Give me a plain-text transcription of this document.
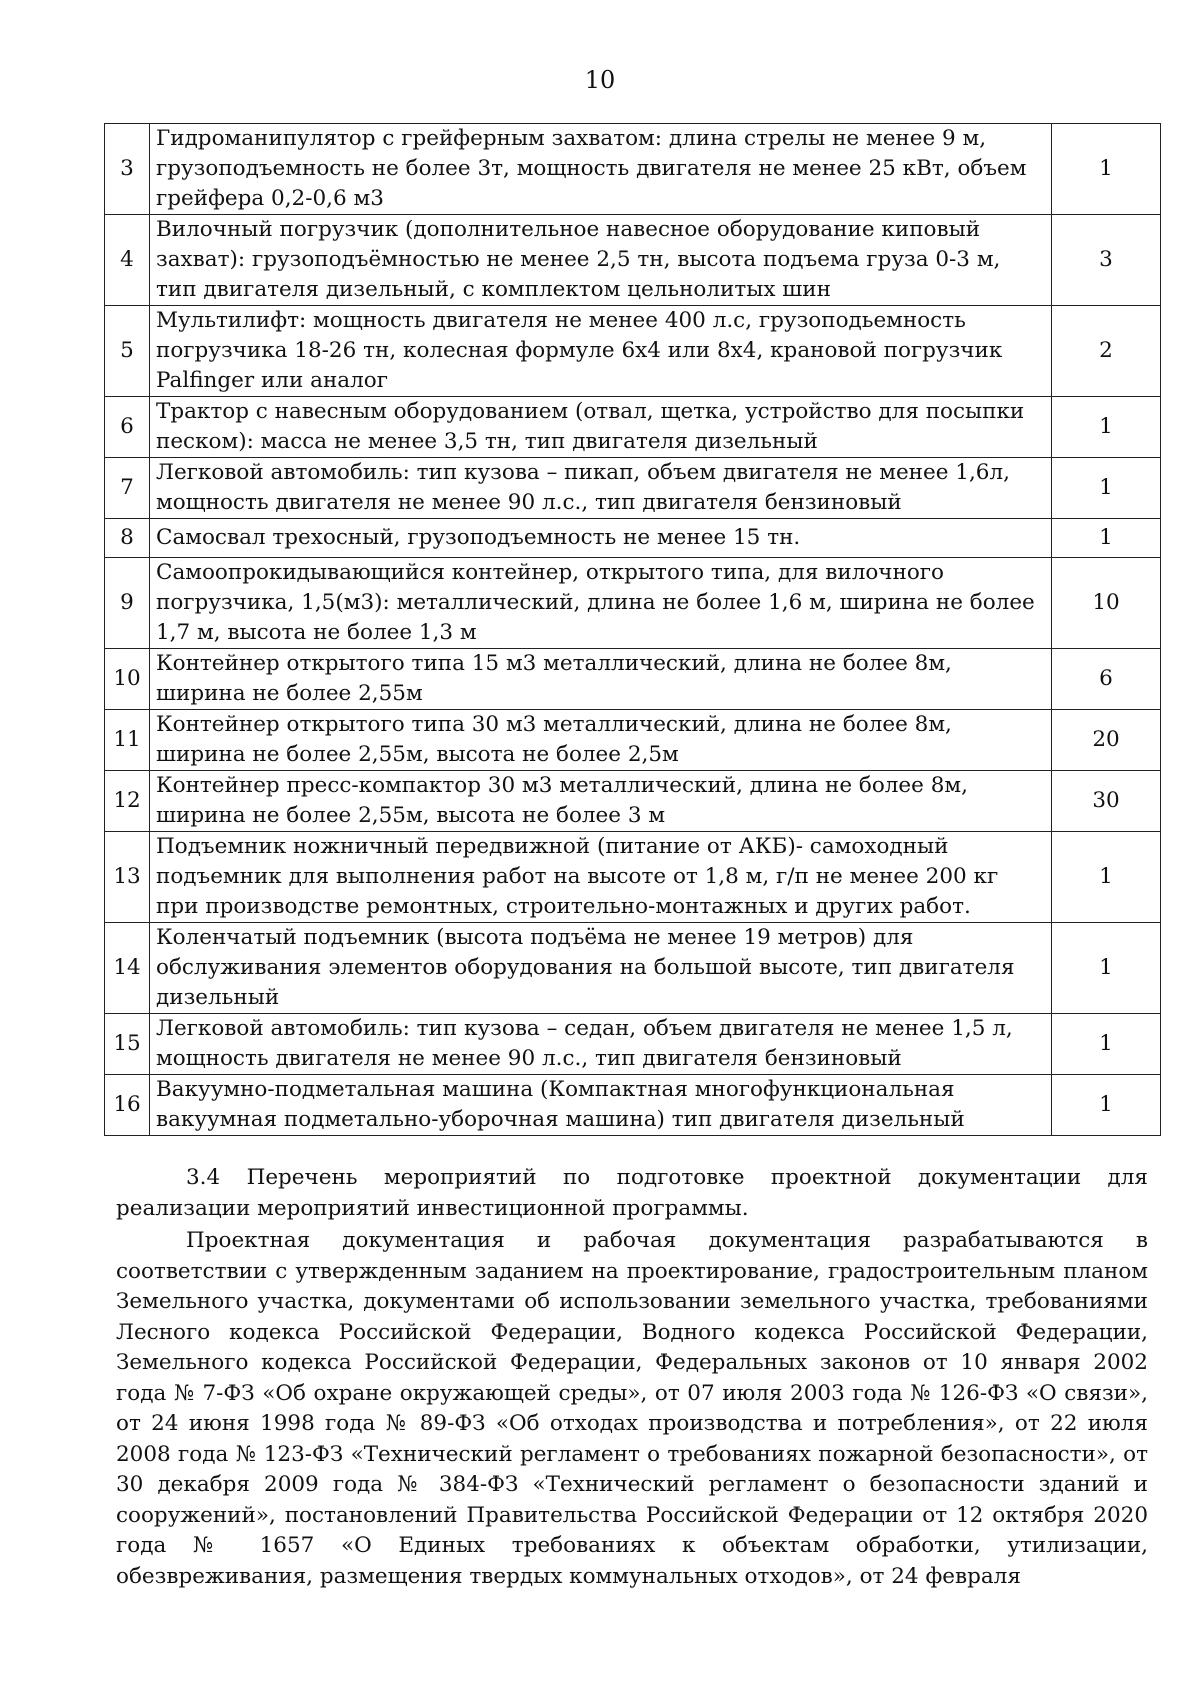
10
3	Гидроманипулятор с грейферным захватом: длина стрелы не менее 9 м, грузоподъемность не более 3т, мощность двигателя не менее 25 кВт, объем грейфера 0,2-0,6 м3	1
4	Вилочный погрузчик (дополнительное навесное оборудование киповый захват): грузоподъёмностью не менее 2,5 тн, высота подъема груза 0-3 м, тип двигателя дизельный, с комплектом цельнолитых шин	3
5	Мультилифт: мощность двигателя не менее 400 л.с, грузоподьемность погрузчика 18-26 тн, колесная формуле 6х4 или 8х4, крановой погрузчик Palfinger или аналог	2
6	Трактор с навесным оборудованием (отвал, щетка, устройство для посыпки песком): масса не менее 3,5 тн, тип двигателя дизельный	1
7	Легковой автомобиль: тип кузова – пикап, объем двигателя не менее 1,6л, мощность двигателя не менее 90 л.с., тип двигателя бензиновый	1
8	Самосвал трехосный, грузоподъемность не менее 15 тн.	1
9	Самоопрокидывающийся контейнер, открытого типа, для вилочного погрузчика, 1,5(м3): металлический, длина не более 1,6 м, ширина не более 1,7 м, высота не более 1,3 м	10
10	Контейнер открытого типа 15 м3 металлический, длина не более 8м, ширина не более 2,55м	6
11	Контейнер открытого типа 30 м3 металлический, длина не более 8м, ширина не более 2,55м, высота не более 2,5м	20
12	Контейнер пресс-компактор 30 м3 металлический, длина не более 8м, ширина не более 2,55м, высота не более 3 м	30
13	Подъемник ножничный передвижной (питание от АКБ)- самоходный подъемник для выполнения работ на высоте от 1,8 м, г/п не менее 200 кг при производстве ремонтных, строительно-монтажных и других работ.	1
14	Коленчатый подъемник (высота подъёма не менее 19 метров) для обслуживания элементов оборудования на большой высоте, тип двигателя дизельный	1
15	Легковой автомобиль: тип кузова – седан, объем двигателя не менее 1,5 л, мощность двигателя не менее 90 л.с., тип двигателя бензиновый	1
16	Вакуумно-подметальная машина (Компактная многофункциональная вакуумная подметально-уборочная машина) тип двигателя дизельный	1
3.4 Перечень мероприятий по подготовке проектной документации для реализации мероприятий инвестиционной программы.
Проектная документация и рабочая документация разрабатываются в соответствии с утвержденным заданием на проектирование, градостроительным планом Земельного участка, документами об использовании земельного участка, требованиями Лесного кодекса Российской Федерации, Водного кодекса Российской Федерации, Земельного кодекса Российской Федерации, Федеральных законов от 10 января 2002 года № 7-ФЗ «Об охране окружающей среды», от 07 июля 2003 года № 126-ФЗ «О связи», от 24 июня 1998 года № 89-ФЗ «Об отходах производства и потребления», от 22 июля 2008 года № 123-ФЗ «Технический регламент о требованиях пожарной безопасности», от 30 декабря 2009 года № 384-ФЗ «Технический регламент о безопасности зданий и сооружений», постановлений Правительства Российской Федерации от 12 октября 2020 года № 1657 «О Единых требованиях к объектам обработки, утилизации, обезвреживания, размещения твердых коммунальных отходов», от 24 февраля
